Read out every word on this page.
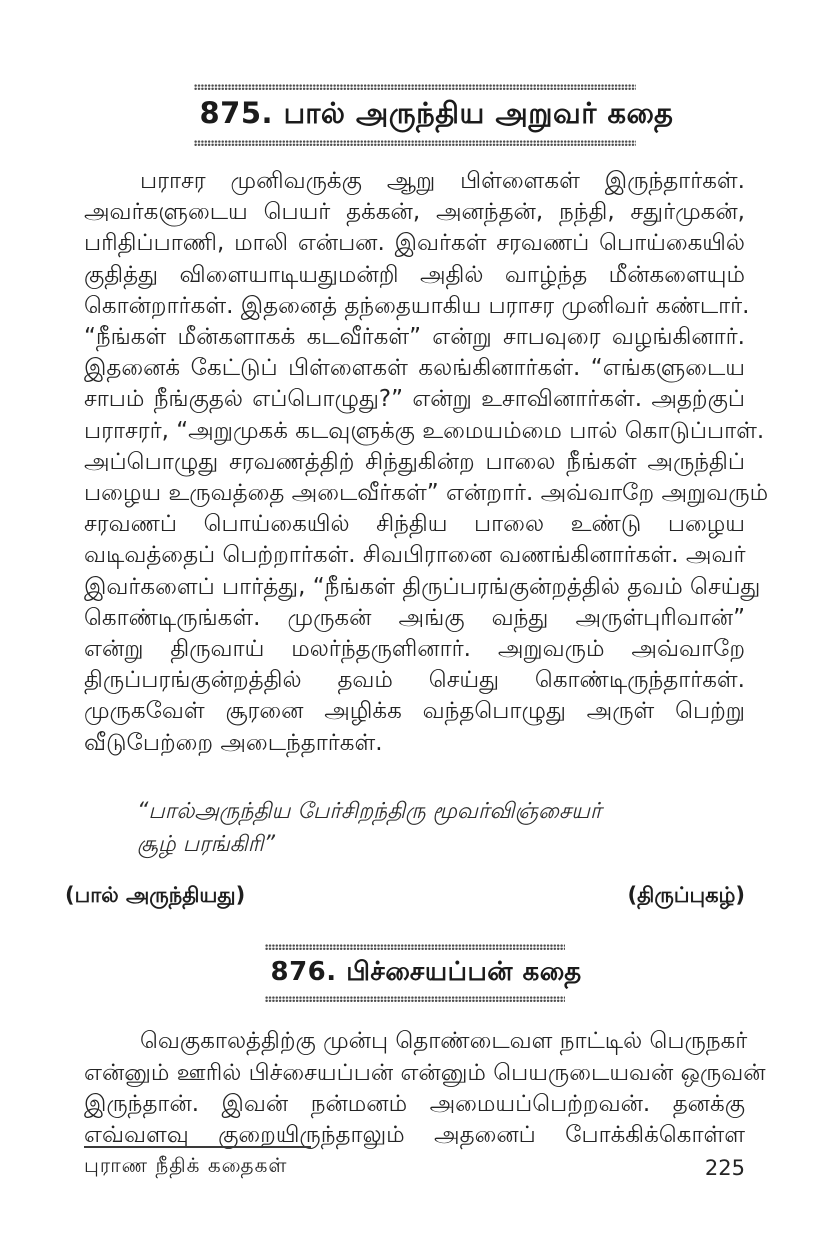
875. பால் அருந்திய அறுவர் கதை
பராசர முனிவருக்கு ஆறு பிள்ளைகள் இருந்தார்கள்.
அவர்களுடைய பெயர் தக்கன், அனந்தன், நந்தி, சதுர்முகன்,
பரிதிப்பாணி, மாலி என்பன. இவர்கள் சரவணப் பொய்கையில்
குதித்து விளையாடியதுமன்றி அதில் வாழ்ந்த மீன்களையும்
கொன்றார்கள். இதனைத் தந்தையாகிய பராசர முனிவர் கண்டார்.
“நீங்கள் மீன்களாகக் கடவீர்கள்” என்று சாபவுரை வழங்கினார்.
இதனைக் கேட்டுப் பிள்ளைகள் கலங்கினார்கள். “எங்களுடைய
சாபம் நீங்குதல் எப்பொழுது?” என்று உசாவினார்கள். அதற்குப்
பராசரர், “அறுமுகக் கடவுளுக்கு உமையம்மை பால் கொடுப்பாள்.
அப்பொழுது சரவணத்திற் சிந்துகின்ற பாலை நீங்கள் அருந்திப்
பழைய உருவத்தை அடைவீர்கள்” என்றார். அவ்வாறே அறுவரும்
சரவணப் பொய்கையில் சிந்திய பாலை உண்டு பழைய
வடிவத்தைப் பெற்றார்கள். சிவபிரானை வணங்கினார்கள். அவர்
இவர்களைப் பார்த்து, “நீங்கள் திருப்பரங்குன்றத்தில் தவம் செய்து
கொண்டிருங்கள். முருகன் அங்கு வந்து அருள்புரிவான்”
என்று திருவாய் மலர்ந்தருளினார். அறுவரும் அவ்வாறே
திருப்பரங்குன்றத்தில் தவம் செய்து கொண்டிருந்தார்கள்.
முருகவேள் சூரனை அழிக்க வந்தபொழுது அருள் பெற்று
வீடுபேற்றை அடைந்தார்கள்.
“பால்அருந்திய பேர்சிறந்திரு மூவர்விஞ்சையர்
சூழ் பரங்கிரி”
(பால் அருந்தியது)	(திருப்புகழ்)
876. பிச்சையப்பன் கதை
வெகுகாலத்திற்கு முன்பு தொண்டைவள நாட்டில் பெருநகர்
என்னும் ஊரில் பிச்சையப்பன் என்னும் பெயருடையவன் ஒருவன்
இருந்தான். இவன் நன்மனம் அமையப்பெற்றவன். தனக்கு
எவ்வளவு குறையிருந்தாலும் அதனைப் போக்கிக்கொள்ள
புராண நீதிக் கதைகள்	225
